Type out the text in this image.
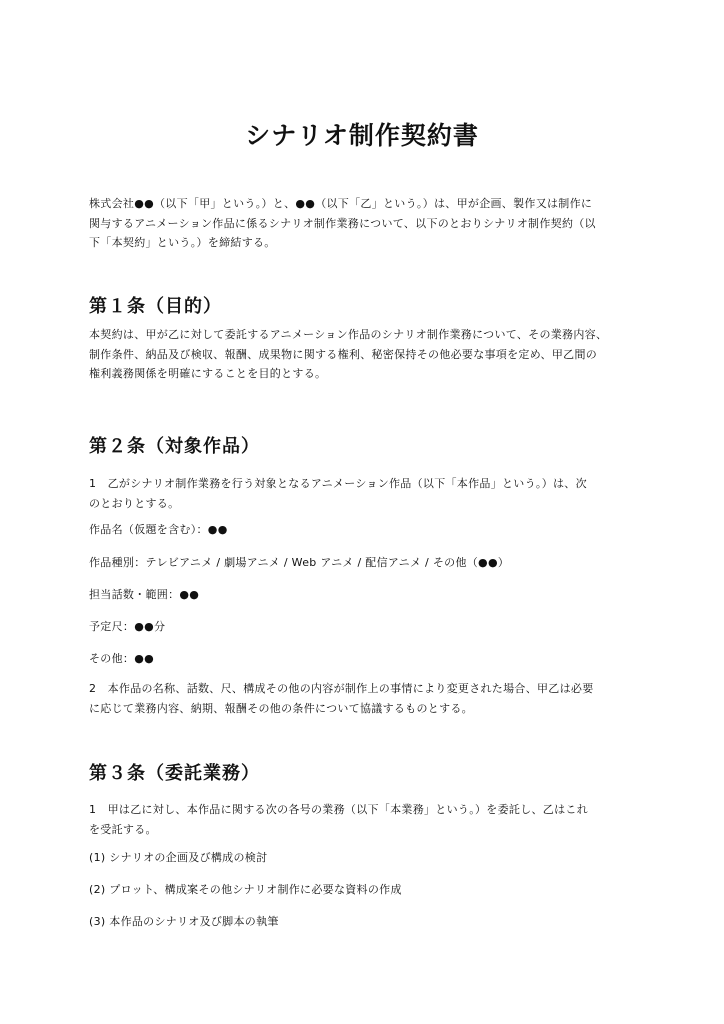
シナリオ制作契約書

株式会社●●（以下「甲」という。）と、●●（以下「乙」という。）は、甲が企画、製作又は制作に
関与するアニメーション作品に係るシナリオ制作業務について、以下のとおりシナリオ制作契約（以
下「本契約」という。）を締結する。

第１条（目的）

本契約は、甲が乙に対して委託するアニメーション作品のシナリオ制作業務について、その業務内容、
制作条件、納品及び検収、報酬、成果物に関する権利、秘密保持その他必要な事項を定め、甲乙間の
権利義務関係を明確にすることを目的とする。

第２条（対象作品）

1　乙がシナリオ制作業務を行う対象となるアニメーション作品（以下「本作品」という。）は、次
のとおりとする。

作品名（仮題を含む）：●●

作品種別：テレビアニメ / 劇場アニメ / Web アニメ / 配信アニメ / その他（●●）

担当話数・範囲：●●

予定尺：●●分

その他：●●

2　本作品の名称、話数、尺、構成その他の内容が制作上の事情により変更された場合、甲乙は必要
に応じて業務内容、納期、報酬その他の条件について協議するものとする。

第３条（委託業務）

1　甲は乙に対し、本作品に関する次の各号の業務（以下「本業務」という。）を委託し、乙はこれ
を受託する。

(1) シナリオの企画及び構成の検討

(2) プロット、構成案その他シナリオ制作に必要な資料の作成

(3) 本作品のシナリオ及び脚本の執筆
